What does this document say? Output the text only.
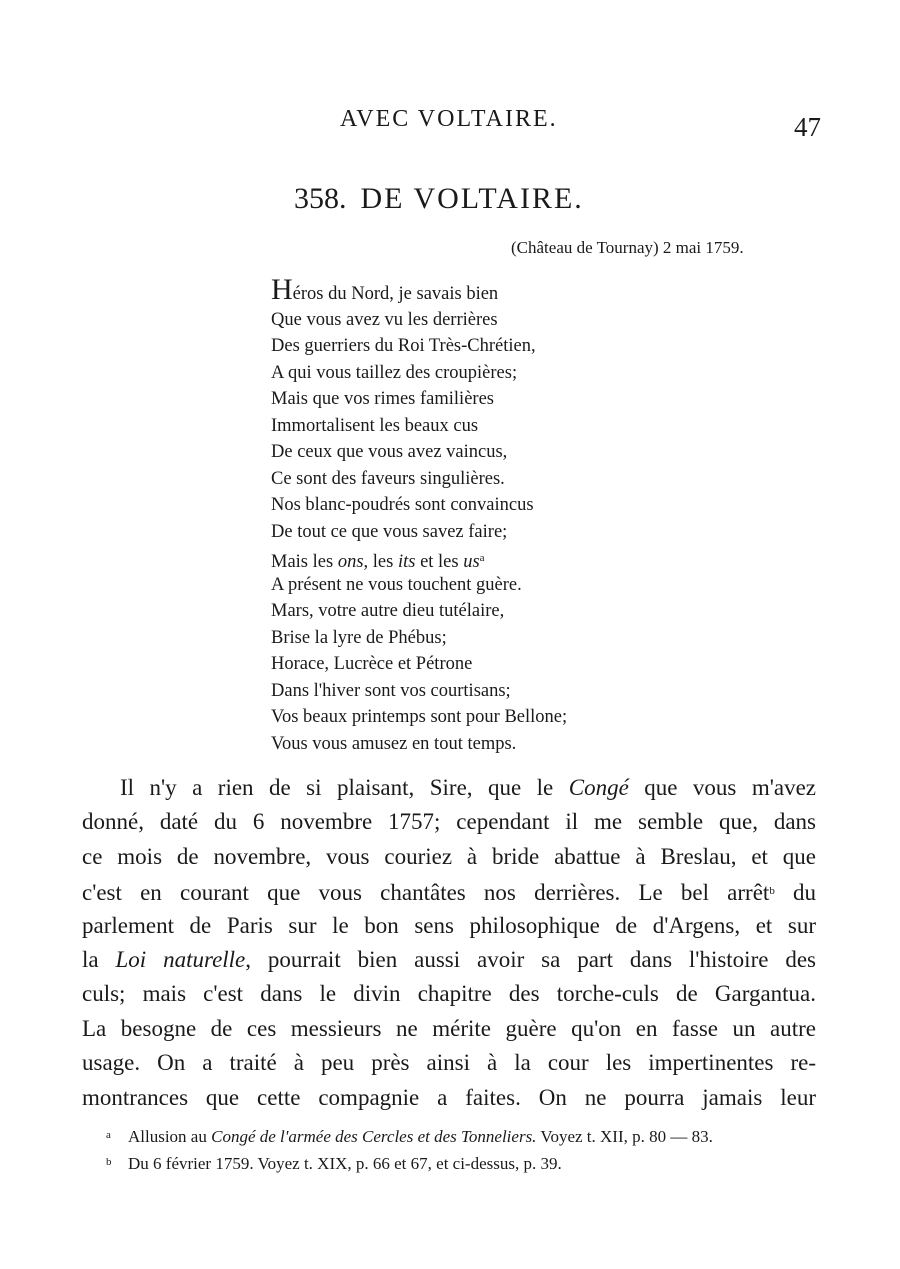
AVEC VOLTAIRE.	47
358. DE VOLTAIRE.
(Château de Tournay) 2 mai 1759.
Héros du Nord, je savais bien
Que vous avez vu les derrières
Des guerriers du Roi Très-Chrétien,
A qui vous taillez des croupières;
Mais que vos rimes familières
Immortalisent les beaux cus
De ceux que vous avez vaincus,
Ce sont des faveurs singulières.
Nos blanc-poudrés sont convaincus
De tout ce que vous savez faire;
Mais les ons, les its et les $us^a$
A présent ne vous touchent guère.
Mars, votre autre dieu tutélaire,
Brise la lyre de Phébus;
Horace, Lucrèce et Pétrone
Dans l'hiver sont vos courtisans;
Vos beaux printemps sont pour Bellone;
Vous vous amusez en tout temps.
Il n'y a rien de si plaisant, Sire, que le Congé que vous m'avez
donné, daté du 6 novembre 1757; cependant il me semble que, dans
ce mois de novembre, vous couriez à bride abattue à Breslau, et que
c'est en courant que vous chantâtes nos derrières. Le bel arrêt$^b$ du
parlement de Paris sur le bon sens philosophique de d'Argens, et sur
la Loi naturelle, pourrait bien aussi avoir sa part dans l'histoire des
culs; mais c'est dans le divin chapitre des torche-culs de Gargantua.
La besogne de ces messieurs ne mérite guère qu'on en fasse un autre
usage. On a traité à peu près ainsi à la cour les impertinentes re-
montrances que cette compagnie a faites. On ne pourra jamais leur
a Allusion au Congé de l'armée des Cercles et des Tonneliers. Voyez t. XII, p. 80 — 83.
b Du 6 février 1759. Voyez t. XIX, p. 66 et 67, et ci-dessus, p. 39.
